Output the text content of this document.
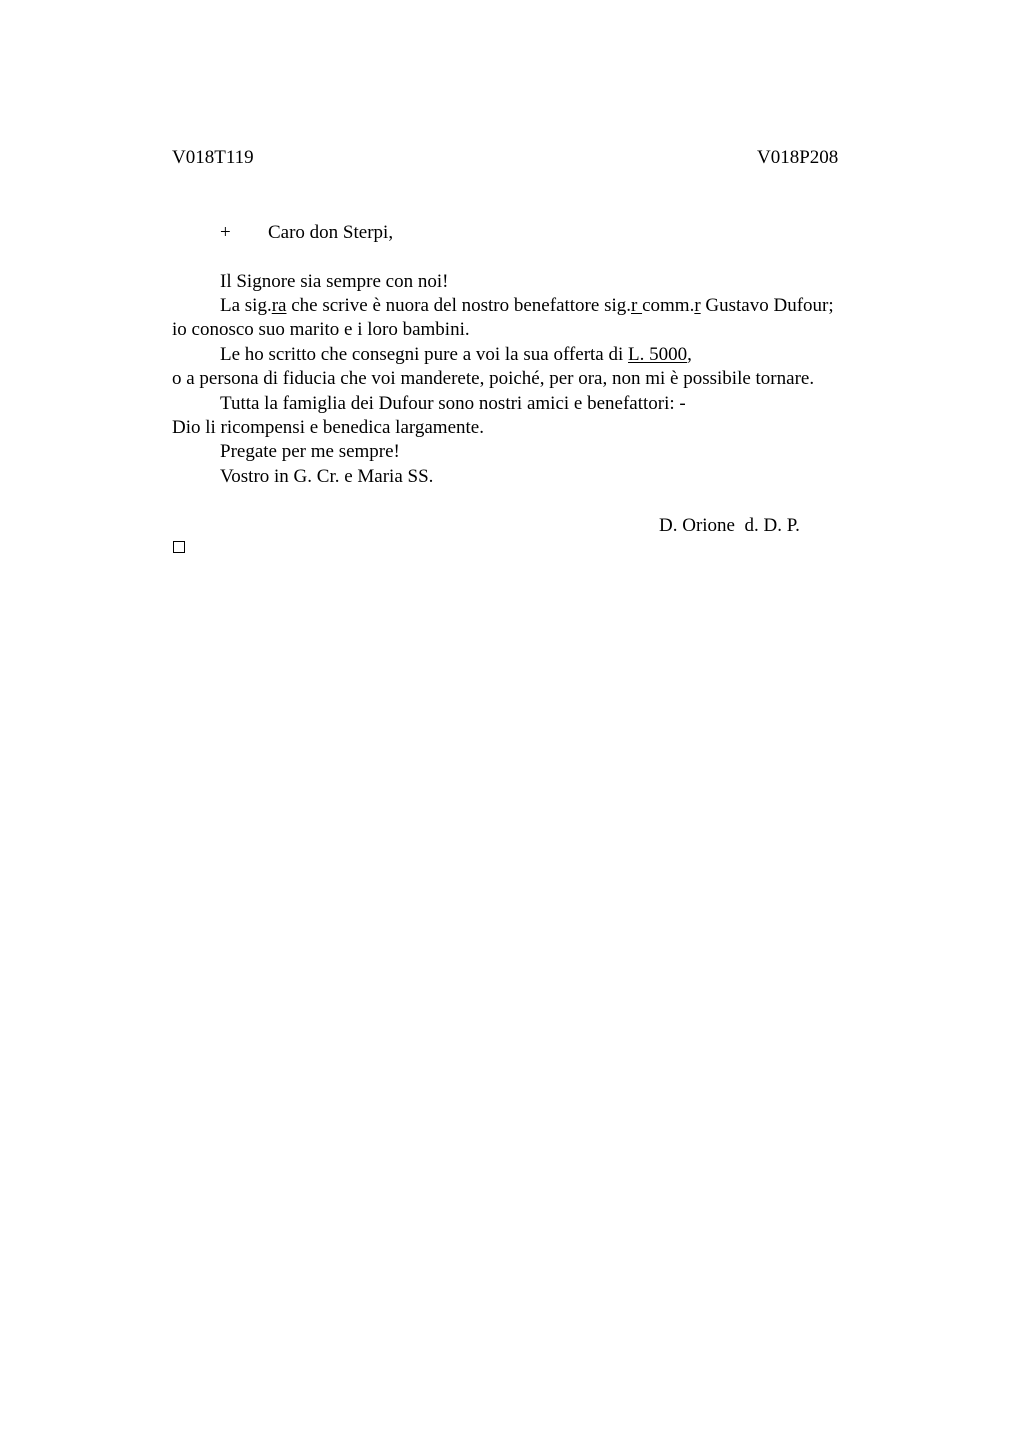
V018T119	V018P208
+ Caro don Sterpi,
Il Signore sia sempre con noi!
La sig.ra che scrive è nuora del nostro benefattore sig.r comm.r Gustavo Dufour;
io conosco suo marito e i loro bambini.
Le ho scritto che consegni pure a voi la sua offerta di L. 5000,
o a persona di fiducia che voi manderete, poiché, per ora, non mi è possibile tornare.
Tutta la famiglia dei Dufour sono nostri amici e benefattori: -
Dio li ricompensi e benedica largamente.
Pregate per me sempre!
Vostro in G. Cr. e Maria SS.
D. Orione  d. D. P.
